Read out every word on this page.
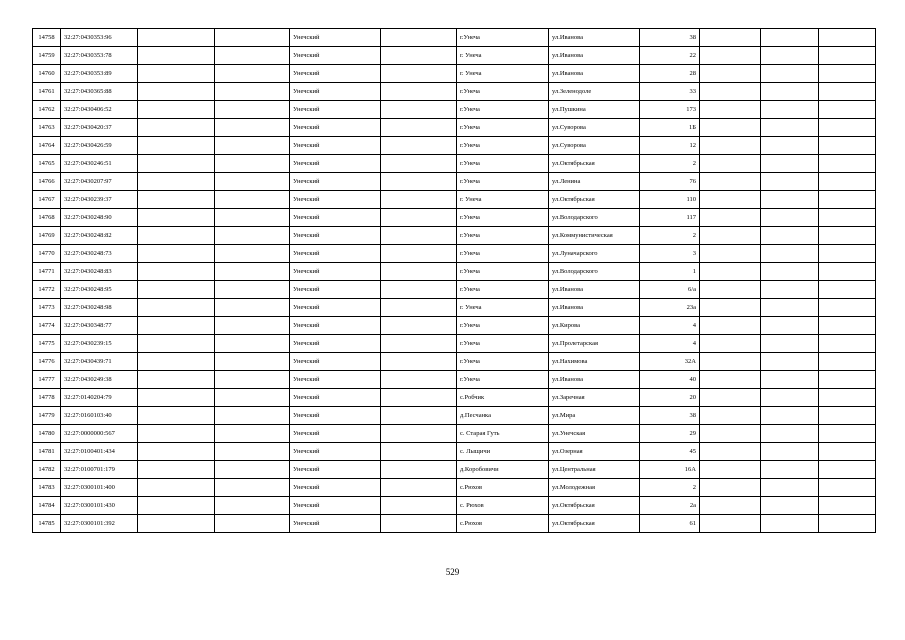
14758	32:27:0430353:96			Унечский		г.Унеча	ул.Иванова	38			
14759	32:27:0430353:78			Унечский		г. Унеча	ул.Иванова	22			
14760	32:27:0430353:89			Унечский		г. Унеча	ул.Иванова	28			
14761	32:27:0430365:88			Унечский		г.Унеча	ул.Зеленодоле	33			
14762	32:27:0430406:52			Унечский		г.Унеча	ул.Пушкина	173			
14763	32:27:0430420:37			Унечский		г.Унеча	ул.Суворова	1Б			
14764	32:27:0430426:59			Унечский		г.Унеча	ул.Суворова	12			
14765	32:27:0430246:51			Унечский		г.Унеча	ул.Октябрьская	2			
14766	32:27:0430207:97			Унечский		г.Унеча	ул.Ленина	76			
14767	32:27:0430239:37			Унечский		г. Унеча	ул.Октябрьская	110			
14768	32:27:0430248:90			Унечский		г.Унеча	ул.Володарского	117			
14769	32:27:0430248:82			Унечский		г.Унеча	ул.Коммунистическая	2			
14770	32:27:0430248:73			Унечский		г.Унеча	ул.Луначарского	3			
14771	32:27:0430248:83			Унечский		г.Унеча	ул.Володарского	1			
14772	32:27:0430248:95			Унечский		г.Унеча	ул.Иванова	6/а			
14773	32:27:0430248:98			Унечский		г. Унеча	ул.Иванова	23а			
14774	32:27:0430348:77			Унечский		г.Унеча	ул.Кирова	4			
14775	32:27:0430239:15			Унечский		г.Унеча	ул.Пролетарская	4			
14776	32:27:0430439:71			Унечский		г.Унеча	ул.Нахимова	32А			
14777	32:27:0430249:38			Унечский		г.Унеча	ул.Иванова	40			
14778	32:27:0140204:79			Унечский		с.Робчик	ул.Заречная	20			
14779	32:27:0160103:40			Унечский		д.Песчанка	ул.Мира	38			
14780	32:27:0000000:567			Унечский		с. Старая Гуть	ул.Унечская	29			
14781	32:27:0100401:434			Унечский		с. Лыщичи	ул.Озерная	45			
14782	32:27:0100701:179			Унечский		д.Коробовичи	ул.Центральная	16А			
14783	32:27:0300101:400			Унечский		с.Рюхов	ул.Молодежная	2			
14784	32:27:0300101:430			Унечский		с. Рюхов	ул.Октябрьская	2а			
14785	32:27:0300101:392			Унечский		с.Рюхов	ул.Октябрьская	61			
529
